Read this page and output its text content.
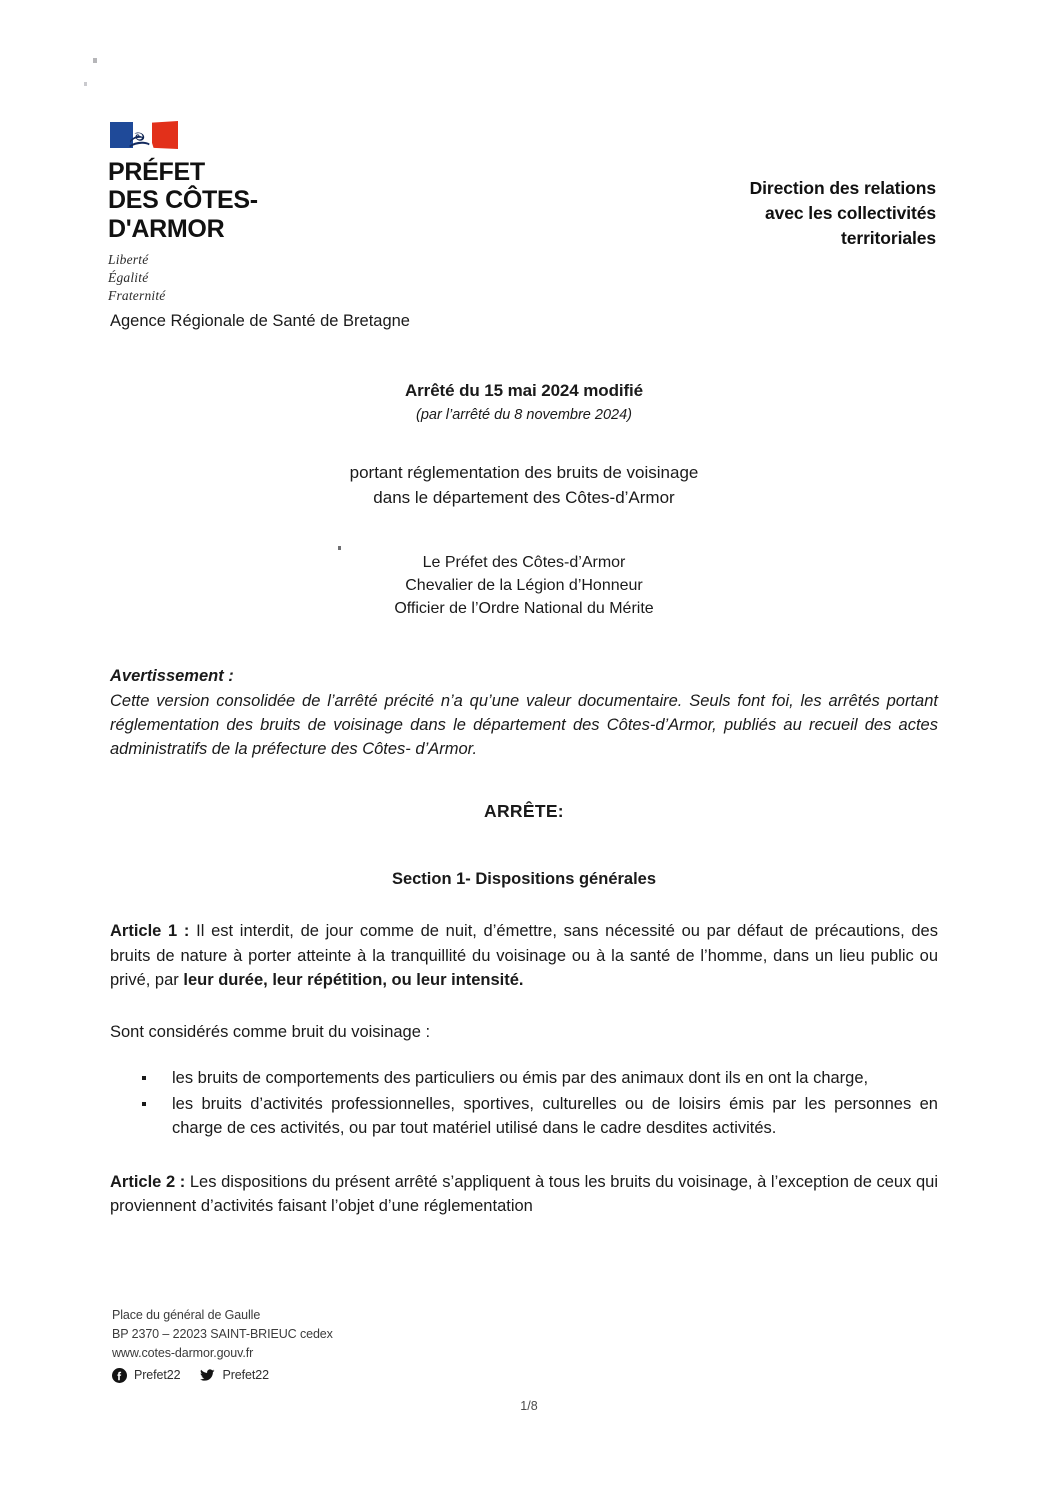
PRÉFET
DES CÔTES-
D'ARMOR

Liberté
Égalité
Fraternité
Direction des relations
avec les collectivités
territoriales
Agence Régionale de Santé de Bretagne
Arrêté du 15 mai 2024 modifié
(par l’arrêté du 8 novembre 2024)
portant réglementation des bruits de voisinage
dans le département des Côtes-d’Armor
Le Préfet des Côtes-d’Armor
Chevalier de la Légion d’Honneur
Officier de l’Ordre National du Mérite
Avertissement :
Cette version consolidée de l’arrêté précité n’a qu’une valeur documentaire. Seuls font foi, les arrêtés portant réglementation des bruits de voisinage dans le département des Côtes-d’Armor, publiés au recueil des actes administratifs de la préfecture des Côtes- d’Armor.
ARRÊTE:
Section 1- Dispositions générales

Article 1 : Il est interdit, de jour comme de nuit, d’émettre, sans nécessité ou par défaut de précautions, des bruits de nature à porter atteinte à la tranquillité du voisinage ou à la santé de l’homme, dans un lieu public ou privé, par leur durée, leur répétition, ou leur intensité.

Sont considérés comme bruit du voisinage :

les bruits de comportements des particuliers ou émis par des animaux dont ils en ont la charge,
les bruits d’activités professionnelles, sportives, culturelles ou de loisirs émis par les personnes en charge de ces activités, ou par tout matériel utilisé dans le cadre desdites activités.

Article 2 : Les dispositions du présent arrêté s’appliquent à tous les bruits du voisinage, à l’exception de ceux qui proviennent d’activités faisant l’objet d’une réglementation

Place du général de Gaulle
BP 2370 – 22023 SAINT-BRIEUC cedex
www.cotes-darmor.gouv.fr
Prefet22	Prefet22
1/8
